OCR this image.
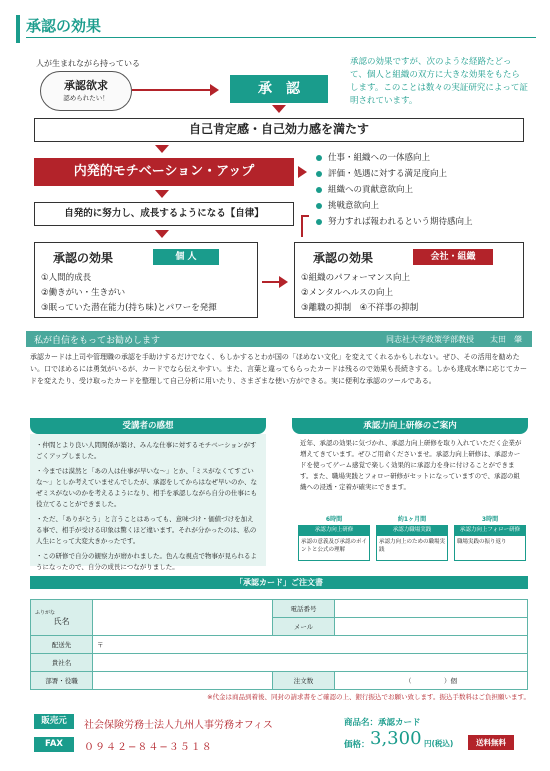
承認の効果
人が生まれながら持っている
承認欲求
認められたい！
承　認
承認の効果ですが、次のような経路たどって、個人と組織の双方に大きな効果をもたらします。このことは数々の実証研究によって証明されています。
自己肯定感・自己効力感を満たす
内発的モチベーション・アップ
仕事・組織への一体感向上
評価・処遇に対する満足度向上
組織への貢献意欲向上
挑戦意欲向上
努力すれば報われるという期待感向上
自発的に努力し、成長するようになる【自律】
承認の効果	個 人
①人間的成長
②働きがい・生きがい
③眠っていた潜在能力(持ち味)とパワーを発揮
承認の効果	会社・組織
①組織のパフォーマンス向上
②メンタルヘルスの向上
③離職の抑制　④不祥事の抑制
私が自信をもってお勧めします	同志社大学政策学部教授　　太田　肇
承認カードは上司や管理職の承認を手助けするだけでなく、もしかするとわが国の「ほめない文化」を変えてくれるかもしれない。ぜひ、その活用を勧めたい。口でほめるには勇気がいるが、カードでなら伝えやすい。また、言葉と違ってもらったカードは残るので効果も長続きする。しかも達成水準に応じてカードを変えたり、受け取ったカードを整理して自己分析に用いたり、さまざまな使い方ができる。実に便利な承認のツールである。
受講者の感想
・仲間とより良い人間関係が築け、みんな仕事に対するモチベーションがすごくアップしました。
・今までは漠然と「あの人は仕事が早いな〜」とか、「ミスがなくてすごいな〜」としか考えていませんでしたが、承認をしてからはなぜ早いのか、なぜミスがないのかを考えるようになり、相手を承認しながら自分の仕事にも役立てることができました。
・ただ、「ありがとう」と言うことはあっても、意味づけ・価値づけを加える事で、相手が受ける印象は驚くほど違います。それが分かったのは、私の人生にとって大変大きかったです。
・この研修で自分の観察力が磨かれました。色んな視点で物事が見られるようになったので、自分の成長につながりました。
承認力向上研修のご案内
近年、承認の効果に気づかれ、承認力向上研修を取り入れていただく企業が増えてきています。ぜひご用命くださいませ。承認力向上研修は、承認カードを使ってゲーム感覚で楽しく効果的に承認力を身に付けることができます。また、職場実践とフォロー研修がセットになっていますので、承認の組織への浸透・定着が確実にできます。
6時間
承認力向上研修
承認の意義及び承認のポイントと公式の理解
約1ヶ月間
承認力職場実践
承認力向上のための職場実践
3時間
承認力向上フォロー研修
職場実践の振り返り
「承認カード」ご注文書
ふりがな
氏名		電話番号	
		メール	
配送先	〒		
貴社名			
部署・役職		注文数	（　　　　　）個
※代金は商品到着後、同封の請求書をご確認の上、銀行振込でお願い致します。振込手数料はご負担願います。
販売元	社会保険労務士法人九州人事労務オフィス
FAX	０９４２−８４−３５１８
商品名：承認カード
価格： 3,300 円(税込)	送料無料
